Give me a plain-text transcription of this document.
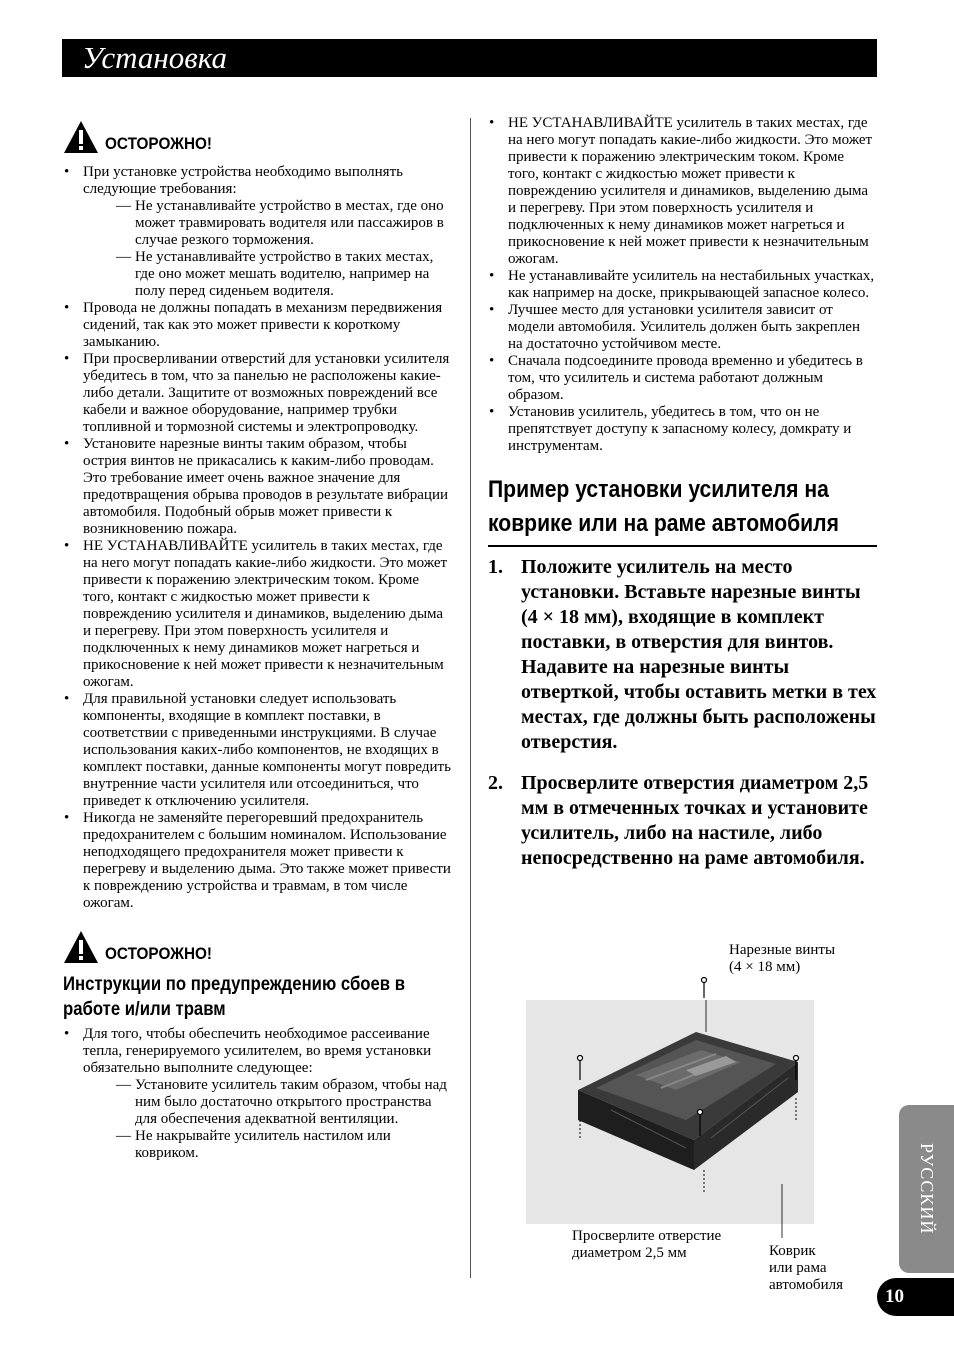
Установка
ОСТОРОЖНО!
• При установке устройства необходимо выполнять следующие требования:
— Не устанавливайте устройство в местах, где оно может травмировать водителя или пассажиров в случае резкого торможения.
— Не устанавливайте устройство в таких местах, где оно может мешать водителю, например на полу перед сиденьем водителя.
• Провода не должны попадать в механизм передвижения сидений, так как это может привести к короткому замыканию.
• При просверливании отверстий для установки усилителя убедитесь в том, что за панелью не расположены какие-либо детали. Защитите от возможных повреждений все кабели и важное оборудование, например трубки топливной и тормозной системы и электропроводку.
• Установите нарезные винты таким образом, чтобы острия винтов не прикасались к каким-либо проводам. Это требование имеет очень важное значение для предотвращения обрыва проводов в результате вибрации автомобиля. Подобный обрыв может привести к возникновению пожара.
• НЕ УСТАНАВЛИВАЙТЕ усилитель в таких местах, где на него могут попадать какие-либо жидкости. Это может привести к поражению электрическим током. Кроме того, контакт с жидкостью может привести к повреждению усилителя и динамиков, выделению дыма и перегреву. При этом поверхность усилителя и подключенных к нему динамиков может нагреться и прикосновение к ней может привести к незначительным ожогам.
• Для правильной установки следует использовать компоненты, входящие в комплект поставки, в соответствии с приведенными инструкциями. В случае использования каких-либо компонентов, не входящих в комплект поставки, данные компоненты могут повредить внутренние части усилителя или отсоединиться, что приведет к отключению усилителя.
• Никогда не заменяйте перегоревший предохранитель предохранителем с большим номиналом. Использование неподходящего предохранителя может привести к перегреву и выделению дыма. Это также может привести к повреждению устройства и травмам, в том числе ожогам.
ОСТОРОЖНО!
Инструкции по предупреждению сбоев в работе и/или травм
• Для того, чтобы обеспечить необходимое рассеивание тепла, генерируемого усилителем, во время установки обязательно выполните следующее:
— Установите усилитель таким образом, чтобы над ним было достаточно открытого пространства для обеспечения адекватной вентиляции.
— Не накрывайте усилитель настилом или ковриком.
• НЕ УСТАНАВЛИВАЙТЕ усилитель в таких местах, где на него могут попадать какие-либо жидкости. Это может привести к поражению электрическим током. Кроме того, контакт с жидкостью может привести к повреждению усилителя и динамиков, выделению дыма и перегреву. При этом поверхность усилителя и подключенных к нему динамиков может нагреться и прикосновение к ней может привести к незначительным ожогам.
• Не устанавливайте усилитель на нестабильных участках, как например на доске, прикрывающей запасное колесо.
• Лучшее место для установки усилителя зависит от модели автомобиля. Усилитель должен быть закреплен на достаточно устойчивом месте.
• Сначала подсоедините провода временно и убедитесь в том, что усилитель и система работают должным образом.
• Установив усилитель, убедитесь в том, что он не препятствует доступу к запасному колесу, домкрату и инструментам.
Пример установки усилителя на коврике или на раме автомобиля
1. Положите усилитель на место установки. Вставьте нарезные винты (4 × 18 мм), входящие в комплект поставки, в отверстия для винтов. Надавите на нарезные винты отверткой, чтобы оставить метки в тех местах, где должны быть расположены отверстия.
2. Просверлите отверстия диаметром 2,5 мм в отмеченных точках и установите усилитель, либо на настиле, либо непосредственно на раме автомобиля.
Нарезные винты
(4 × 18 мм)
Просверлите отверстие
диаметром 2,5 мм	Коврик
или рама
автомобиля
РУССКИЙ
10
